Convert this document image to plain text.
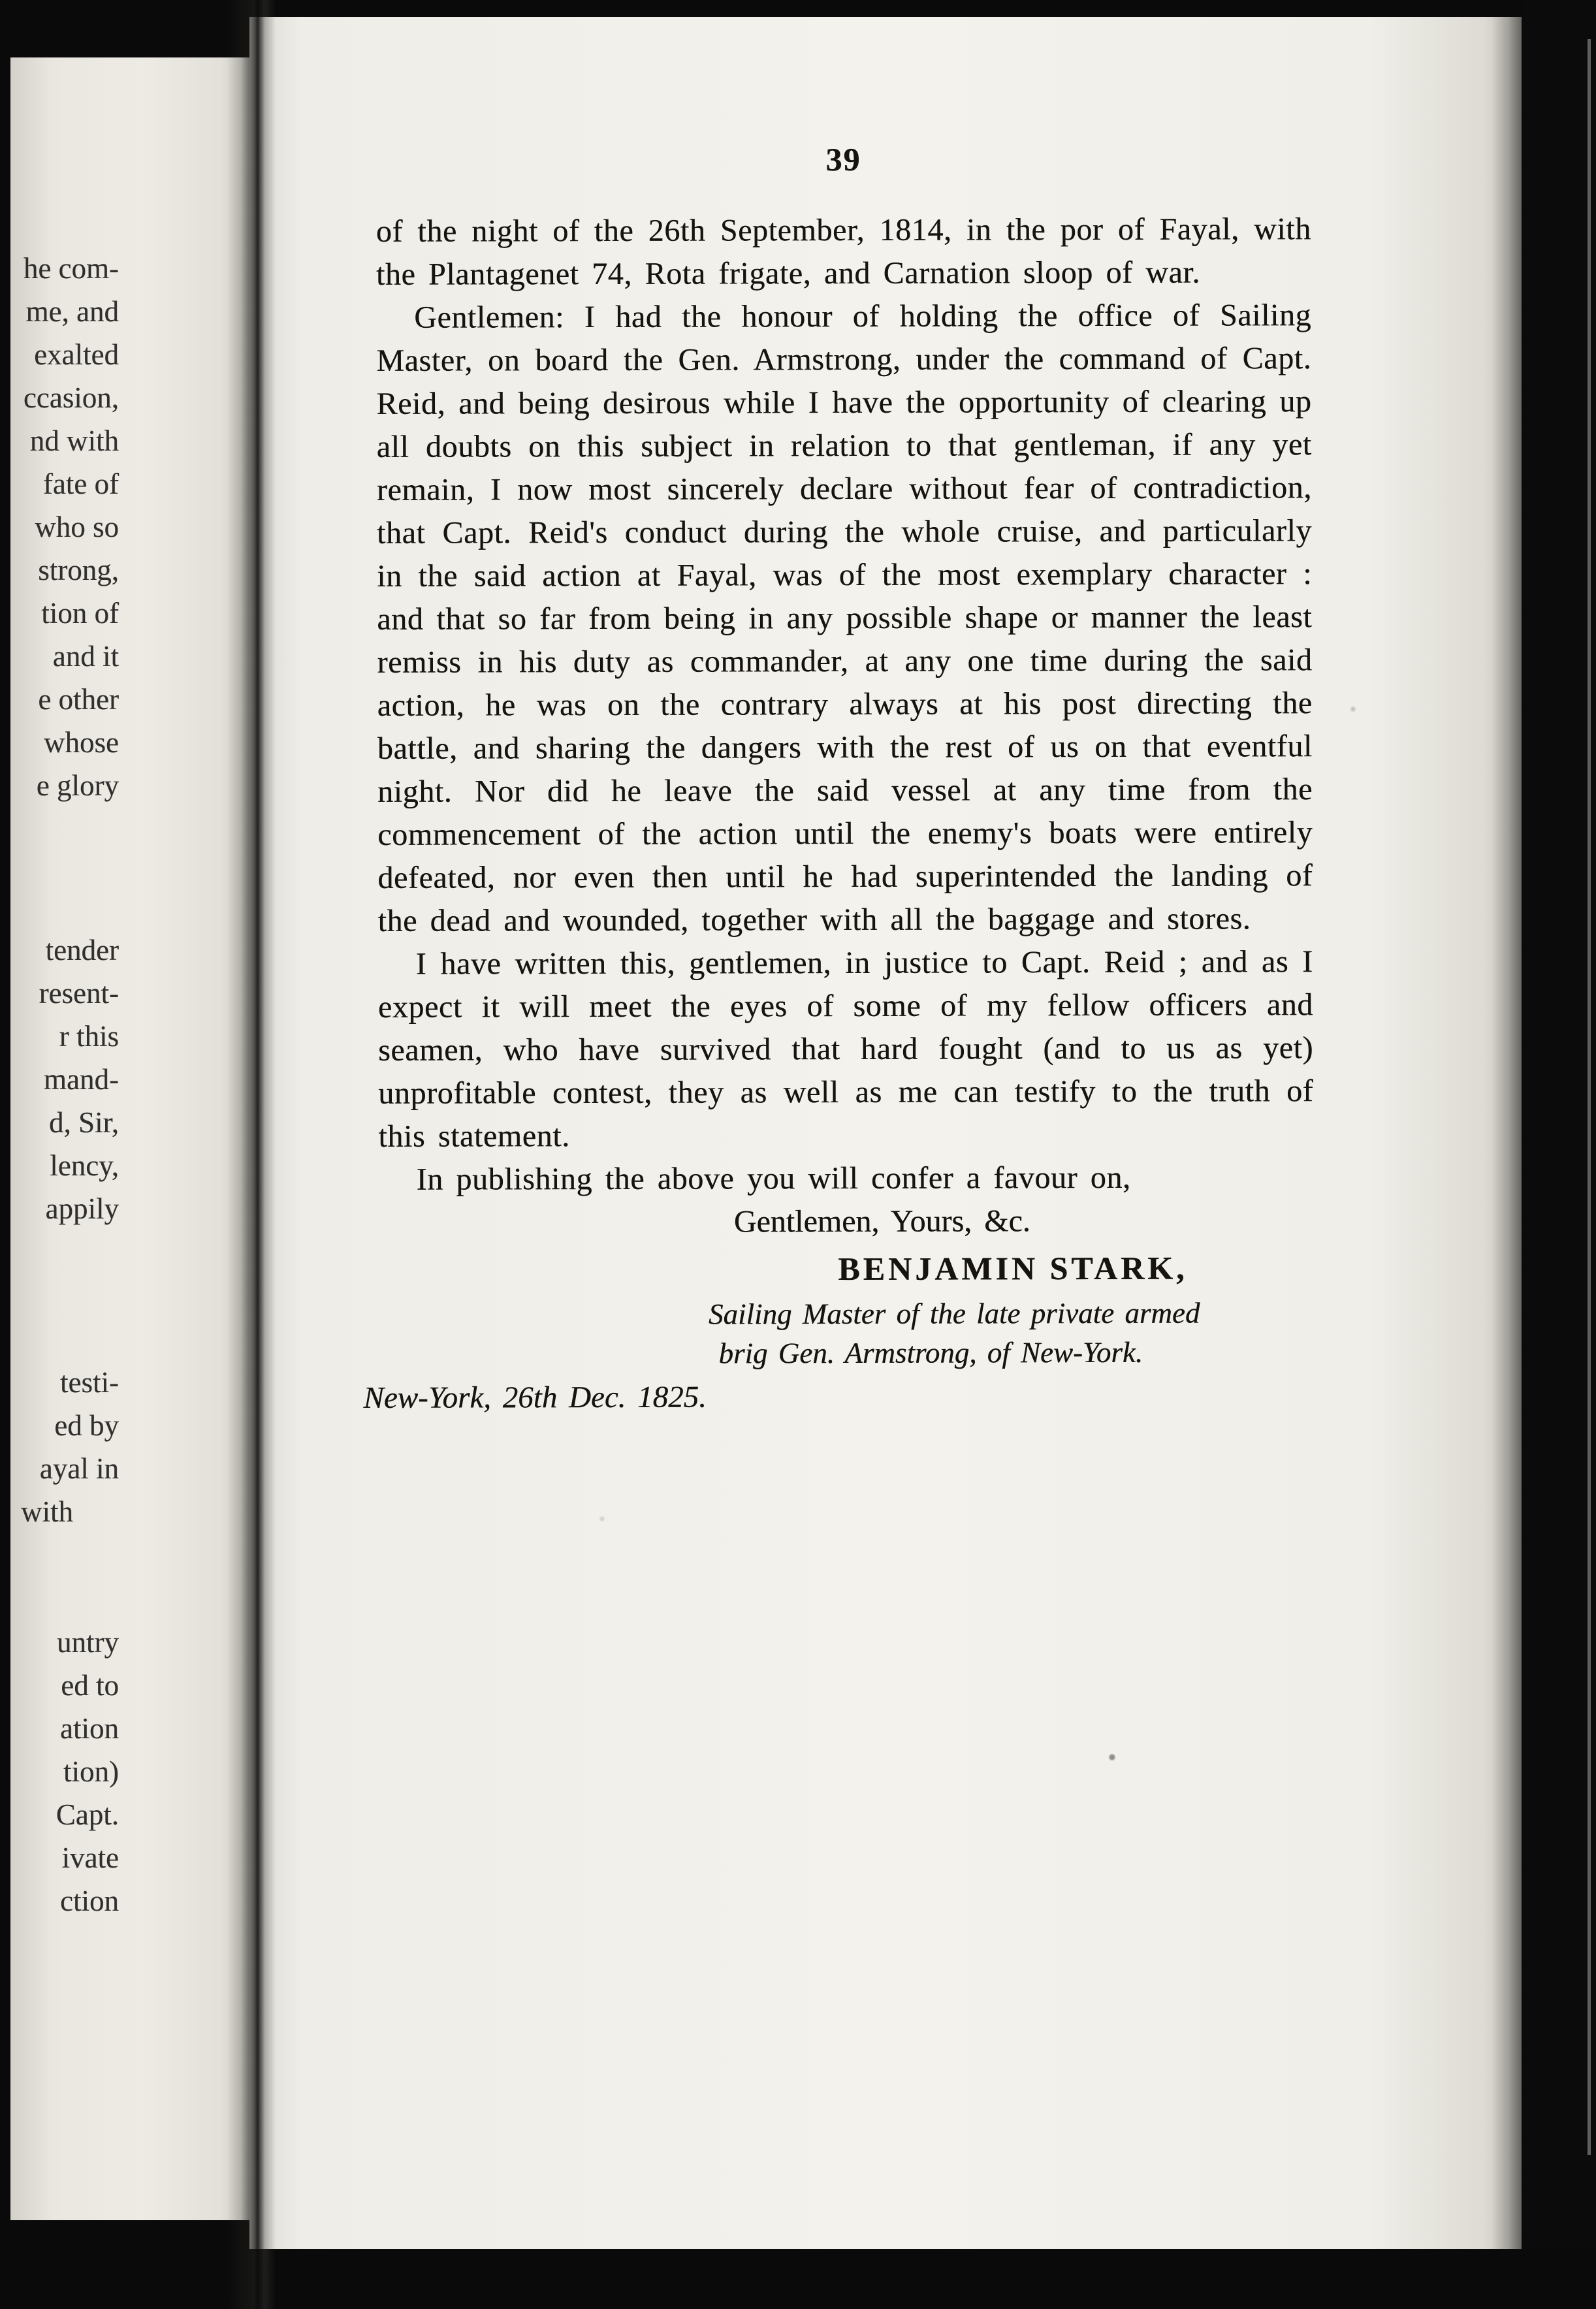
he com-
me, and
exalted
ccasion,
nd with
fate of
who so
strong,
tion of
and it
e other
whose
e glory
tender
resent-
r this
mand-
d, Sir,
lency,
appily
testi-
ed by
ayal in
with
untry
ed to
ation
tion)
Capt.
ivate
ction
39

of the night of the 26th September, 1814, in the por of Fayal, with the Plantagenet 74, Rota frigate, and Carnation sloop of war.

Gentlemen: I had the honour of holding the office of Sailing Master, on board the Gen. Armstrong, under the command of Capt. Reid, and being desirous while I have the opportunity of clearing up all doubts on this subject in relation to that gentleman, if any yet remain, I now most sincerely declare without fear of contradiction, that Capt. Reid's conduct during the whole cruise, and particularly in the said action at Fayal, was of the most exemplary character : and that so far from being in any possible shape or manner the least remiss in his duty as commander, at any one time during the said action, he was on the contrary always at his post directing the battle, and sharing the dangers with the rest of us on that eventful night. Nor did he leave the said vessel at any time from the commencement of the action until the enemy's boats were entirely defeated, nor even then until he had superintended the landing of the dead and wounded, together with all the baggage and stores.

I have written this, gentlemen, in justice to Capt. Reid ; and as I expect it will meet the eyes of some of my fellow officers and seamen, who have survived that hard fought (and to us as yet) unprofitable contest, they as well as me can testify to the truth of this statement.

In publishing the above you will confer a favour on,

Gentlemen, Yours, &c.
BENJAMIN STARK,
Sailing Master of the late private armed
brig Gen. Armstrong, of New-York.
New-York, 26th Dec. 1825.
